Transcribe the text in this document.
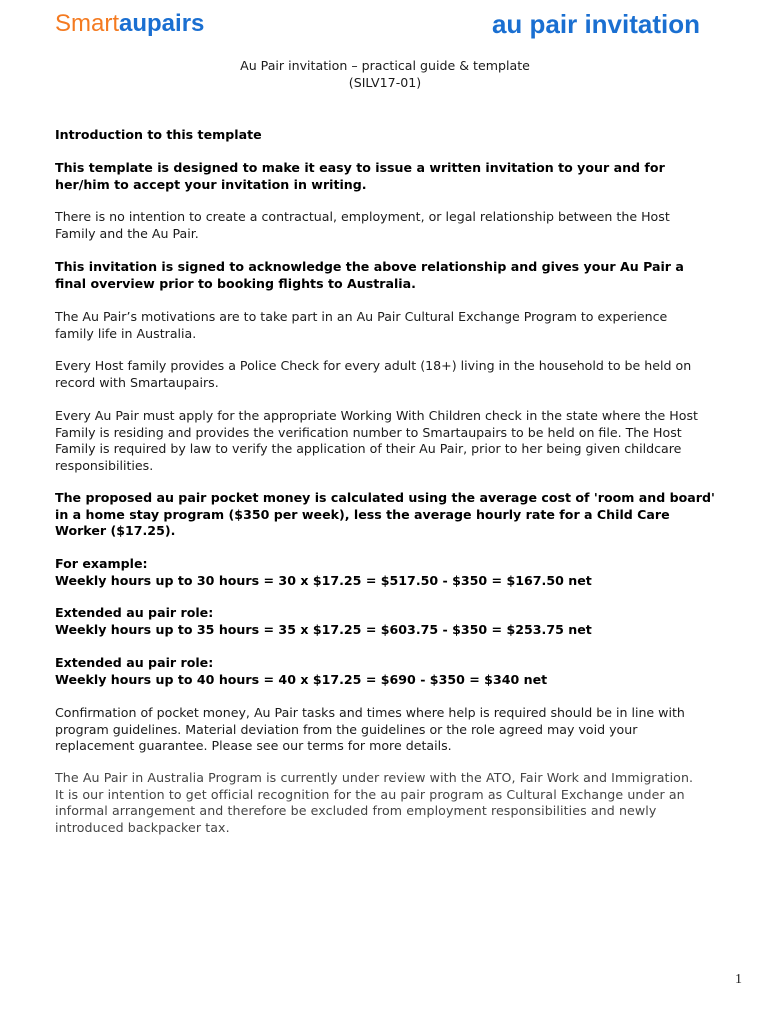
Smartaupairs	au pair invitation
Au Pair invitation – practical guide & template
(SILV17-01)
Introduction to this template
This template is designed to make it easy to issue a written invitation to your and for
her/him to accept your invitation in writing.
There is no intention to create a contractual, employment, or legal relationship between the Host
Family and the Au Pair.
This invitation is signed to acknowledge the above relationship and gives your Au Pair a
final overview prior to booking flights to Australia.
The Au Pair’s motivations are to take part in an Au Pair Cultural Exchange Program to experience
family life in Australia.
Every Host family provides a Police Check for every adult (18+) living in the household to be held on
record with Smartaupairs.
Every Au Pair must apply for the appropriate Working With Children check in the state where the Host
Family is residing and provides the verification number to Smartaupairs to be held on file. The Host
Family is required by law to verify the application of their Au Pair, prior to her being given childcare
responsibilities.
The proposed au pair pocket money is calculated using the average cost of 'room and board'
in a home stay program ($350 per week), less the average hourly rate for a Child Care
Worker ($17.25).
For example:
Weekly hours up to 30 hours = 30 x $17.25 = $517.50 - $350 = $167.50 net
Extended au pair role:
Weekly hours up to 35 hours = 35 x $17.25 = $603.75 - $350 = $253.75 net
Extended au pair role:
Weekly hours up to 40 hours = 40 x $17.25 = $690 - $350 = $340 net
Confirmation of pocket money, Au Pair tasks and times where help is required should be in line with
program guidelines. Material deviation from the guidelines or the role agreed may void your
replacement guarantee. Please see our terms for more details.
The Au Pair in Australia Program is currently under review with the ATO, Fair Work and Immigration.
It is our intention to get official recognition for the au pair program as Cultural Exchange under an
informal arrangement and therefore be excluded from employment responsibilities and newly
introduced backpacker tax.
1
